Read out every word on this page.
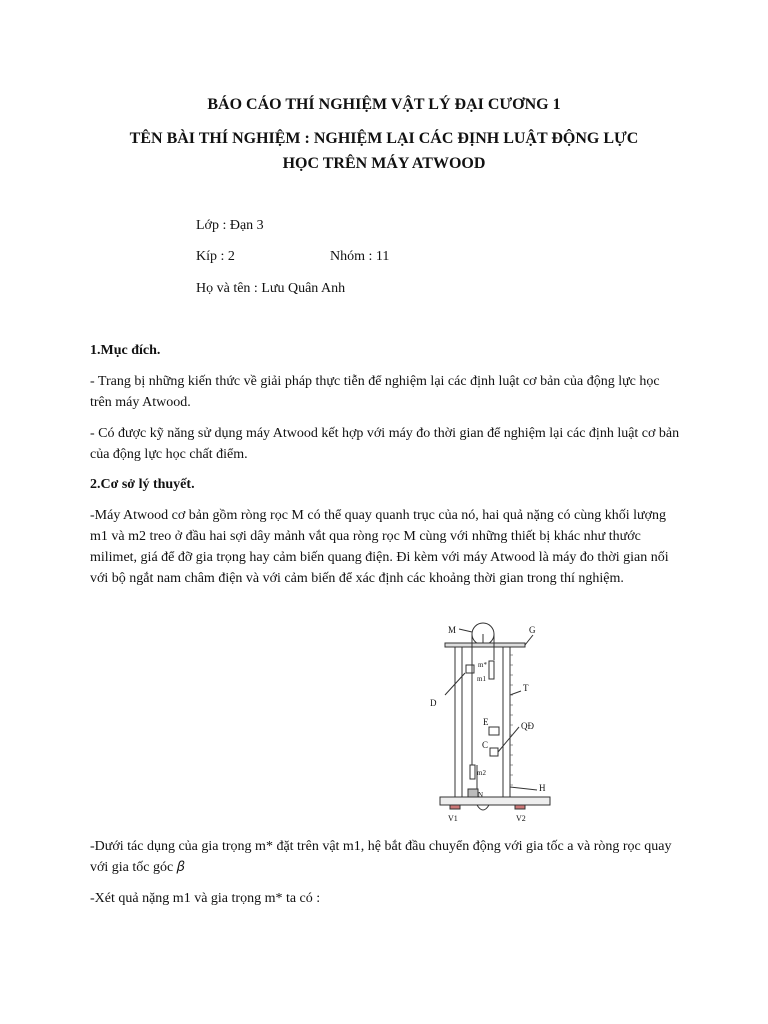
BÁO CÁO THÍ NGHIỆM VẬT LÝ ĐẠI CƯƠNG 1
TÊN BÀI THÍ NGHIỆM : NGHIỆM LẠI CÁC ĐỊNH LUẬT ĐỘNG LỰC
HỌC TRÊN MÁY ATWOOD

Lớp : Đạn 3

Kíp : 2	Nhóm : 11

Họ và tên : Lưu Quân Anh

1.Mục đích.

- Trang bị những kiến thức về giải pháp thực tiễn để nghiệm lại các định luật cơ bản của động lực học trên máy Atwood.

- Có được kỹ năng sử dụng máy Atwood kết hợp với máy đo thời gian để nghiệm lại các định luật cơ bản của động lực học chất điểm.

2.Cơ sở lý thuyết.

-Máy Atwood cơ bản gồm ròng rọc M có thể quay quanh trục của nó, hai quả nặng có cùng khối lượng m1 và m2 treo ở đầu hai sợi dây mảnh vắt qua ròng rọc M cùng với những thiết bị khác như thước milimet, giá để đỡ gia trọng hay cảm biến quang điện. Đi kèm với máy Atwood là máy đo thời gian nối với bộ ngắt nam châm điện và với cảm biến để xác định các khoảng thời gian trong thí nghiệm.

M	G
m*
m1
T
D
E	QĐ
C
m2
N
H
V1	V2

-Dưới tác dụng của gia trọng m* đặt trên vật m1, hệ bắt đầu chuyển động với gia tốc a và ròng rọc quay với gia tốc góc 𝛽

-Xét quả nặng m1 và gia trọng m* ta có :
